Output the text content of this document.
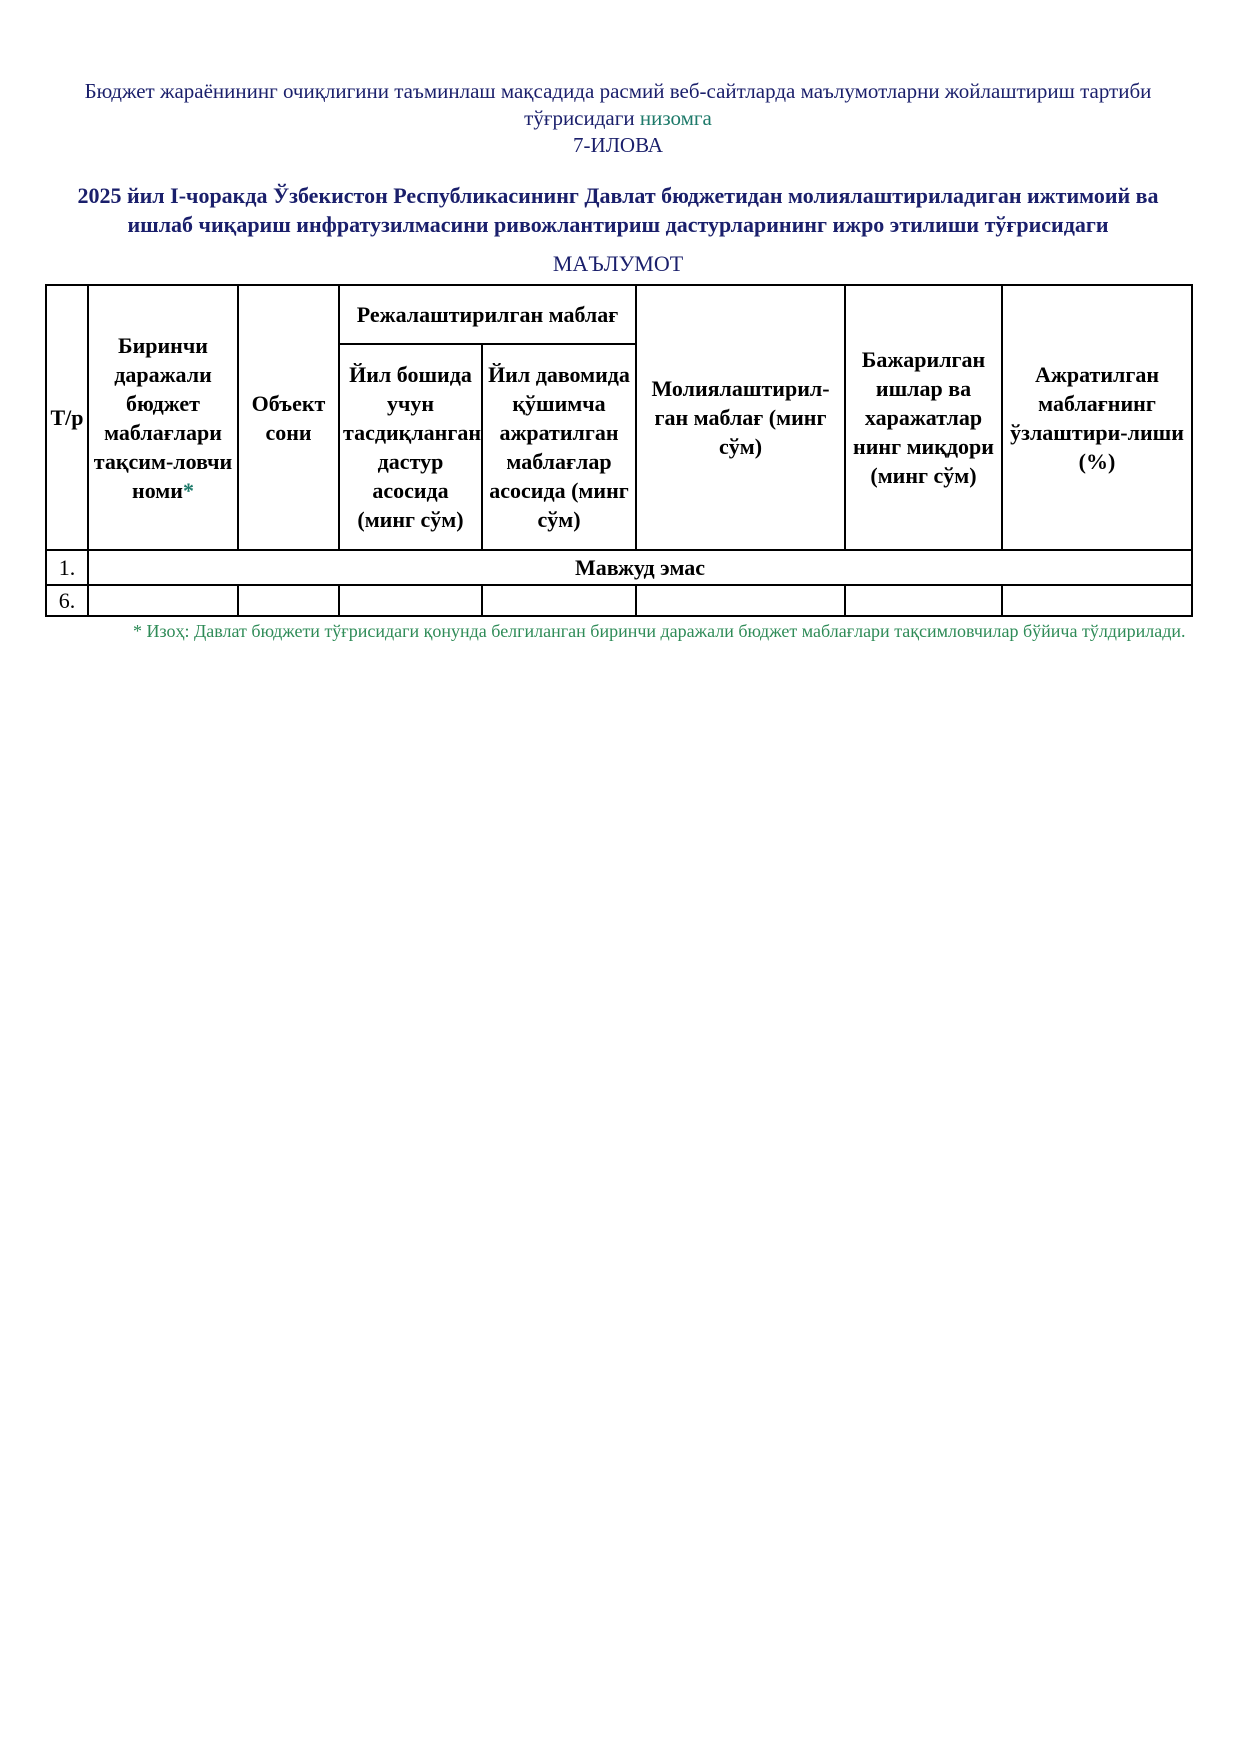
Бюджет жараёнининг очиқлигини таъминлаш мақсадида расмий веб-сайтларда маълумотларни жойлаштириш тартиби тўғрисидаги низомга
7-ИЛОВА
2025 йил I-чоракда Ўзбекистон Республикасининг Давлат бюджетидан молиялаштириладиган ижтимоий ва ишлаб чиқариш инфратузилмасини ривожлантириш дастурларининг ижро этилиши тўғрисидаги
МАЪЛУМОТ
Т/р	Биринчи даражали бюджет маблағлари тақсим-ловчи номи*	Объект сони	Режалаштирилган маблағ		Молиялаштирил-ган маблағ (минг сўм)	Бажарилган ишлар ва харажатлар нинг миқдори (минг сўм)	Ажратилган маблағнинг ўзлаштири-лиши (%)
			Йил бошида учун тасдиқланган дастур асосида (минг сўм)	Йил давомида қўшимча ажратилган маблағлар асосида (минг сўм)			
1.	Мавжуд эмас						
6.							
* Изоҳ: Давлат бюджети тўғрисидаги қонунда белгиланган биринчи даражали бюджет маблағлари тақсимловчилар бўйича тўлдирилади.
